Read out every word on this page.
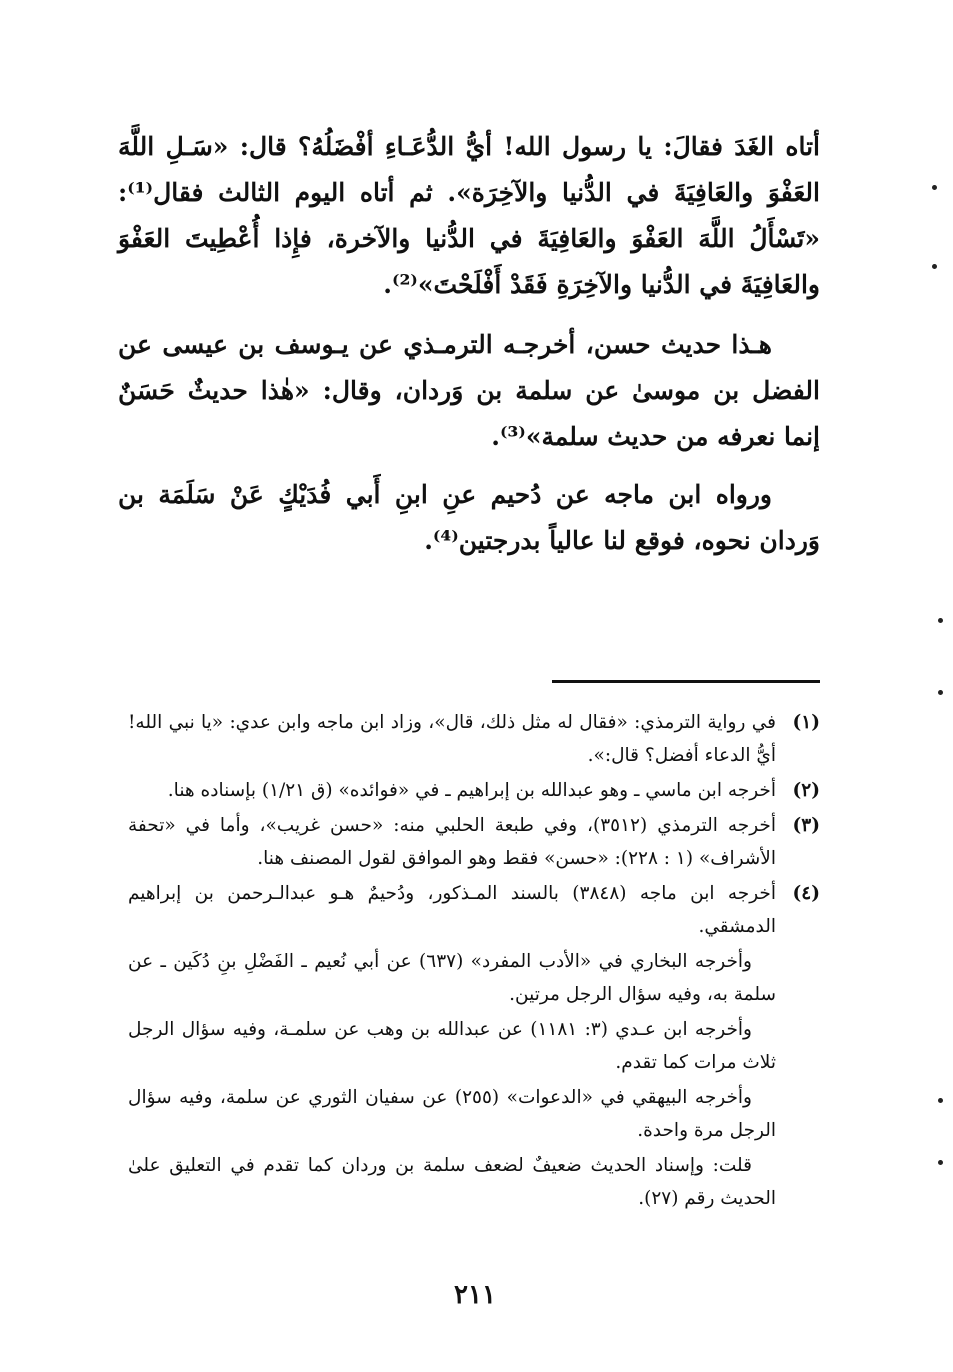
أتاه الغَدَ فقالَ: يا رسول الله! أيُّ الدُّعَـاءِ أفْضَلُهُ؟ قال: «سَـلِ اللَّهَ العَفْوَ والعَافِيَةَ في الدُّنيا والآخِرَة». ثم أتاه اليوم الثالث فقال⁽¹⁾: «تَسْأَلُ اللَّهَ العَفْوَ والعَافِيَةَ في الدُّنيا والآخرة، فإِذا أُعْطِيتَ العَفْوَ والعَافِيَةَ في الدُّنيا والآخِرَةِ فَقَدْ أَفْلَحْتَ»⁽²⁾.

هـذا حديث حسن، أخرجـه الترمـذي عن يـوسف بن عيسى عن الفضل بن موسىٰ عن سلمة بن وَردان، وقال: «هٰذا حديثٌ حَسَنٌ إنما نعرفه من حديث سلمة»⁽³⁾.

ورواه ابن ماجه عن دُحيم عنِ ابنِ أَبي فُدَيْكٍ عَنْ سَلَمَة بن وَردان نحوه، فوقع لنا عالياً بدرجتين⁽⁴⁾.

(١)
في رواية الترمذي: «فقال له مثل ذلك، قال»، وزاد ابن ماجه وابن عدي: «يا نبي الله! أيُّ الدعاء أفضل؟ قال:».
(٢)
أخرجه ابن ماسي ـ وهو عبدالله بن إبراهيم ـ في «فوائده» (ق ١/٢١) بإسناده هنا.
(٣)
أخرجه الترمذي (٣٥١٢)، وفي طبعة الحلبي منه: «حسن غريب»، وأما في «تحفة الأشراف» (١ : ٢٢٨): «حسن» فقط وهو الموافق لقول المصنف هنا.
(٤)
أخرجه ابن ماجه (٣٨٤٨) بالسند المـذكور، ودُحيمٌ هـو عبدالـرحمن بن إبراهيم الدمشقي.
وأخرجه البخاري في «الأدب المفرد» (٦٣٧) عن أبي نُعيم ـ الفَضْلِ بنِ دُكَين ـ عن سلمة به، وفيه سؤال الرجل مرتين.
وأخرجه ابن عـدي (٣: ١١٨١) عن عبدالله بن وهب عن سلمـة، وفيه سؤال الرجل ثلاث مرات كما تقدم.
وأخرجه البيهقي في «الدعوات» (٢٥٥) عن سفيان الثوري عن سلمة، وفيه سؤال الرجل مرة واحدة.
قلت: وإسناد الحديث ضعيفٌ لضعف سلمة بن وردان كما تقدم في التعليق علىٰ الحديث رقم (٢٧).
٢١١
